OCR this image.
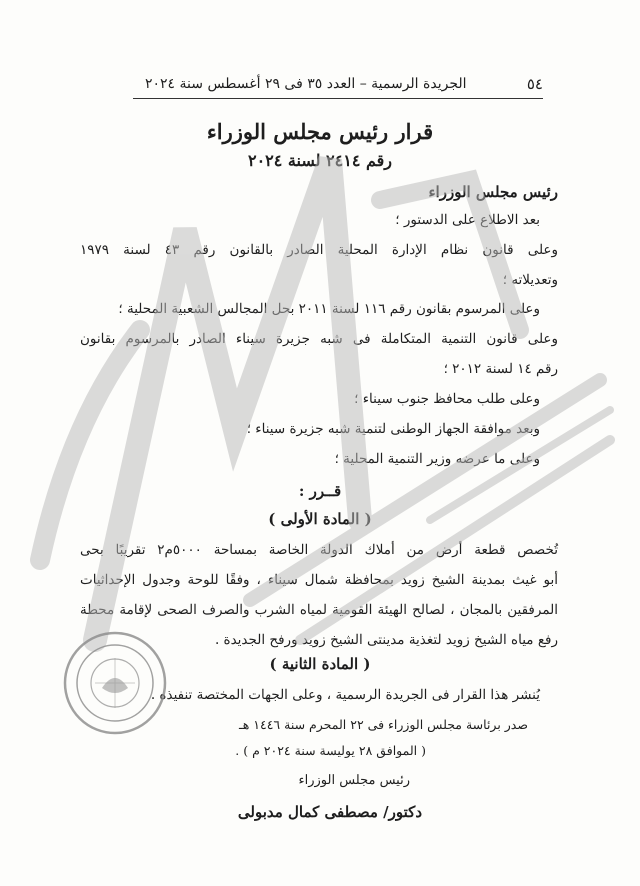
٥٤
الجريدة الرسمية – العدد ٣٥ فى ٢٩ أغسطس سنة ٢٠٢٤
قرار رئيس مجلس الوزراء
رقم ٢٤١٤ لسنة ٢٠٢٤
رئيس مجلس الوزراء
بعد الاطلاع على الدستور ؛
وعلى قانون نظام الإدارة المحلية الصادر بالقانون رقم ٤٣ لسنة ١٩٧٩
وتعديلاته ؛
وعلى المرسوم بقانون رقم ١١٦ لسنة ٢٠١١ بحل المجالس الشعبية المحلية ؛
وعلى قانون التنمية المتكاملة فى شبه جزيرة سيناء الصادر بالمرسوم بقانون
رقم ١٤ لسنة ٢٠١٢ ؛
وعلى طلب محافظ جنوب سيناء ؛
وبعد موافقة الجهاز الوطنى لتنمية شبه جزيرة سيناء ؛
وعلى ما عرضه وزير التنمية المحلية ؛
قــرر :
( المادة الأولى )
تُخصص قطعة أرض من أملاك الدولة الخاصة بمساحة ٥٠٠٠م٢ تقريبًا بحى
أبو غيث بمدينة الشيخ زويد بمحافظة شمال سيناء ، وفقًا للوحة وجدول الإحداثيات
المرفقين بالمجان ، لصالح الهيئة القومية لمياه الشرب والصرف الصحى لإقامة محطة
رفع مياه الشيخ زويد لتغذية مدينتى الشيخ زويد ورفح الجديدة .
( المادة الثانية )
يُنشر هذا القرار فى الجريدة الرسمية ، وعلى الجهات المختصة تنفيذه .
صدر برئاسة مجلس الوزراء فى ٢٢ المحرم سنة ١٤٤٦ هـ
( الموافق ٢٨ يوليسة سنة ٢٠٢٤ م ) .
رئيس مجلس الوزراء
دكتور/ مصطفى كمال مدبولى
